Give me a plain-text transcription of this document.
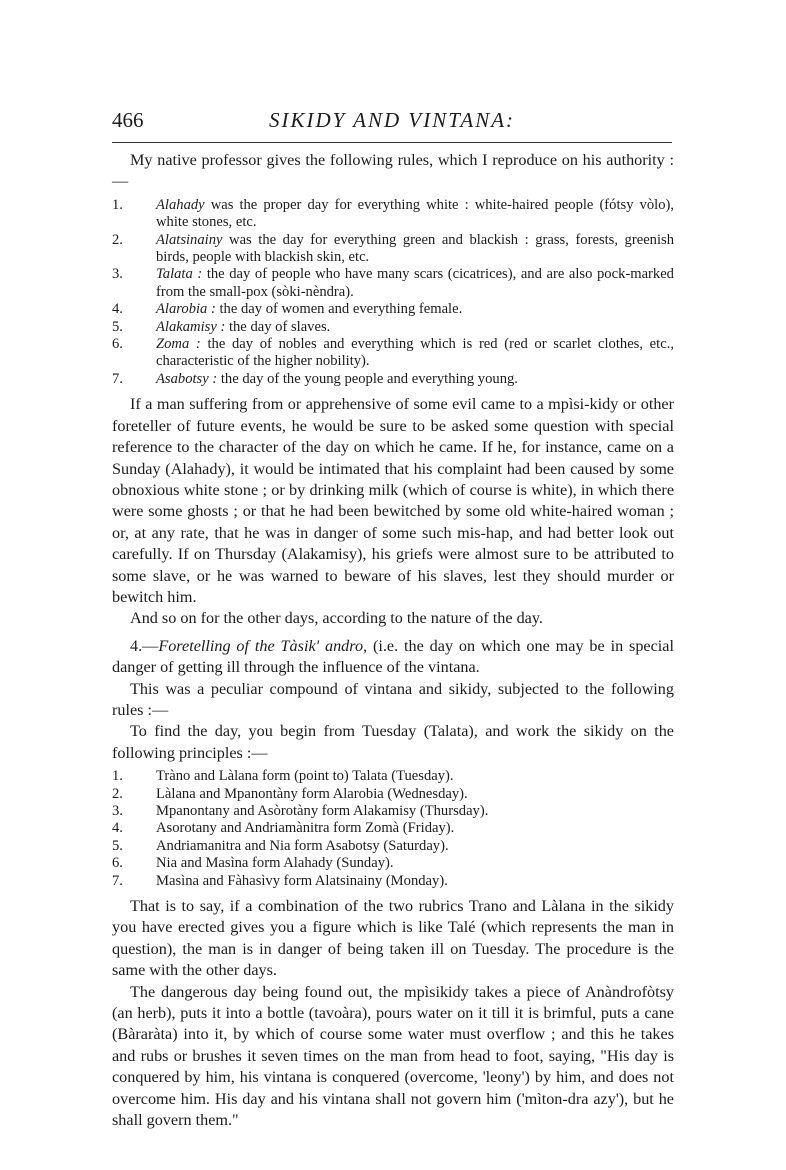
466	SIKIDY AND VINTANA:

My native professor gives the following rules, which I reproduce on his authority :—

1. Alahady was the proper day for everything white : white-haired people (fótsy vòlo), white stones, etc.
2. Alatsinainy was the day for everything green and blackish : grass, forests, greenish birds, people with blackish skin, etc.
3. Talata : the day of people who have many scars (cicatrices), and are also pock-marked from the small-pox (sòki-nèndra).
4. Alarobia : the day of women and everything female.
5. Alakamisy : the day of slaves.
6. Zoma : the day of nobles and everything which is red (red or scarlet clothes, etc., characteristic of the higher nobility).
7. Asabotsy : the day of the young people and everything young.

If a man suffering from or apprehensive of some evil came to a mpìsi-kidy or other foreteller of future events, he would be sure to be asked some question with special reference to the character of the day on which he came. If he, for instance, came on a Sunday (Alahady), it would be intimated that his complaint had been caused by some obnoxious white stone ; or by drinking milk (which of course is white), in which there were some ghosts ; or that he had been bewitched by some old white-haired woman ; or, at any rate, that he was in danger of some such mis-hap, and had better look out carefully. If on Thursday (Alakamisy), his griefs were almost sure to be attributed to some slave, or he was warned to beware of his slaves, lest they should murder or bewitch him.

And so on for the other days, according to the nature of the day.

4.—Foretelling of the Tàsik' andro, (i.e. the day on which one may be in special danger of getting ill through the influence of the vintana.

This was a peculiar compound of vintana and sikidy, subjected to the following rules :—

To find the day, you begin from Tuesday (Talata), and work the sikidy on the following principles :—

1. Tràno and Làlana form (point to) Talata (Tuesday).
2. Làlana and Mpanontàny form Alarobia (Wednesday).
3. Mpanontany and Asòrotàny form Alakamisy (Thursday).
4. Asorotany and Andriamànitra form Zomà (Friday).
5. Andriamanitra and Nia form Asabotsy (Saturday).
6. Nia and Masìna form Alahady (Sunday).
7. Masìna and Fàhasìvy form Alatsinainy (Monday).

That is to say, if a combination of the two rubrics Trano and Làlana in the sikidy you have erected gives you a figure which is like Talé (which represents the man in question), the man is in danger of being taken ill on Tuesday. The procedure is the same with the other days.

The dangerous day being found out, the mpìsikidy takes a piece of Anàndrofòtsy (an herb), puts it into a bottle (tavoàra), pours water on it till it is brimful, puts a cane (Bàraràta) into it, by which of course some water must overflow ; and this he takes and rubs or brushes it seven times on the man from head to foot, saying, "His day is conquered by him, his vintana is conquered (overcome, 'leony') by him, and does not overcome him. His day and his vintana shall not govern him ('mìton-dra azy'), but he shall govern them."
